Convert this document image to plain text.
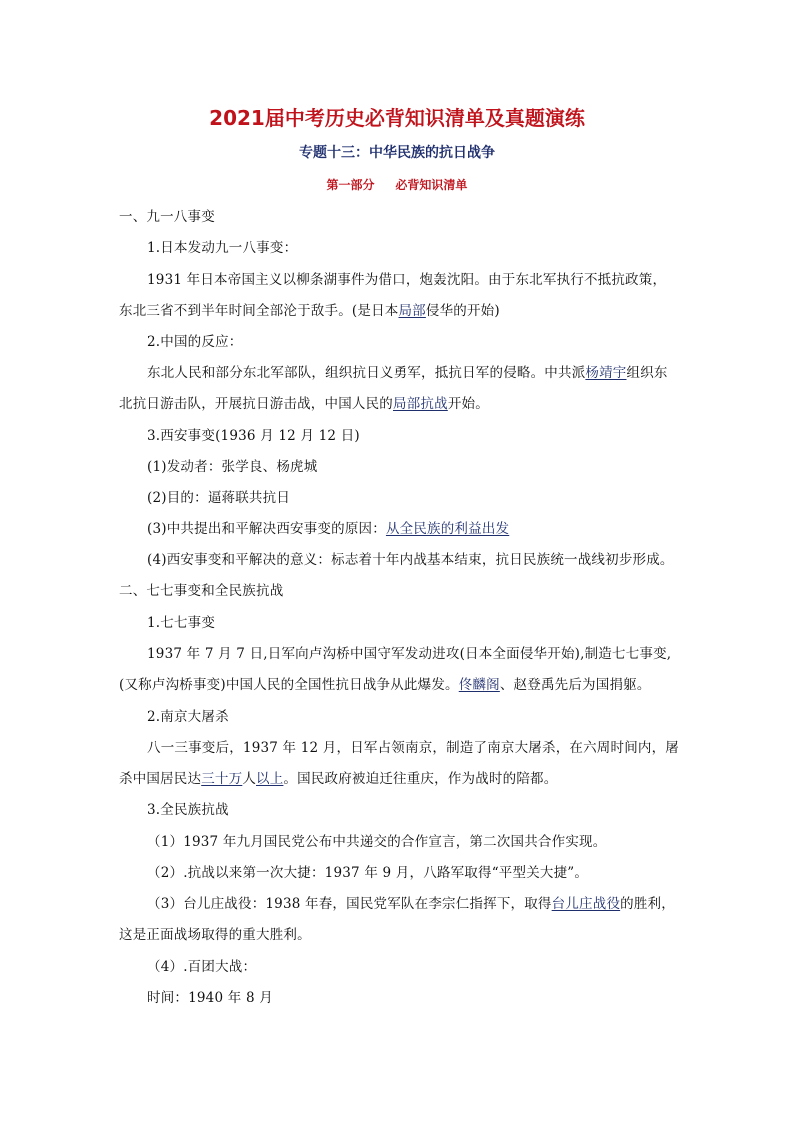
2021届中考历史必背知识清单及真题演练
专题十三：中华民族的抗日战争
第一部分     必背知识清单
一、九一八事变
1.日本发动九一八事变：
1931 年日本帝国主义以柳条湖事件为借口，炮轰沈阳。由于东北军执行不抵抗政策，
东北三省不到半年时间全部沦于敌手。(是日本局部侵华的开始)
2.中国的反应：
东北人民和部分东北军部队，组织抗日义勇军，抵抗日军的侵略。中共派杨靖宇组织东
北抗日游击队，开展抗日游击战，中国人民的局部抗战开始。
3.西安事变(1936 月 12 月 12 日)
(1)发动者：张学良、杨虎城
(2)目的：逼蒋联共抗日
(3)中共提出和平解决西安事变的原因：从全民族的利益出发
(4)西安事变和平解决的意义：标志着十年内战基本结束，抗日民族统一战线初步形成。
二、七七事变和全民族抗战
1.七七事变
1937 年 7 月 7 日,日军向卢沟桥中国守军发动进攻(日本全面侵华开始),制造七七事变,
(又称卢沟桥事变)中国人民的全国性抗日战争从此爆发。佟麟阁、赵登禹先后为国捐躯。
2.南京大屠杀
八一三事变后，1937 年 12 月，日军占领南京，制造了南京大屠杀，在六周时间内，屠
杀中国居民达三十万人以上。国民政府被迫迁往重庆，作为战时的陪都。
3.全民族抗战
（1）1937 年九月国民党公布中共递交的合作宣言，第二次国共合作实现。
（2）.抗战以来第一次大捷：1937 年 9 月，八路军取得“平型关大捷”。
（3）台儿庄战役：1938 年春，国民党军队在李宗仁指挥下，取得台儿庄战役的胜利，
这是正面战场取得的重大胜利。
（4）.百团大战：
时间：1940 年 8 月
